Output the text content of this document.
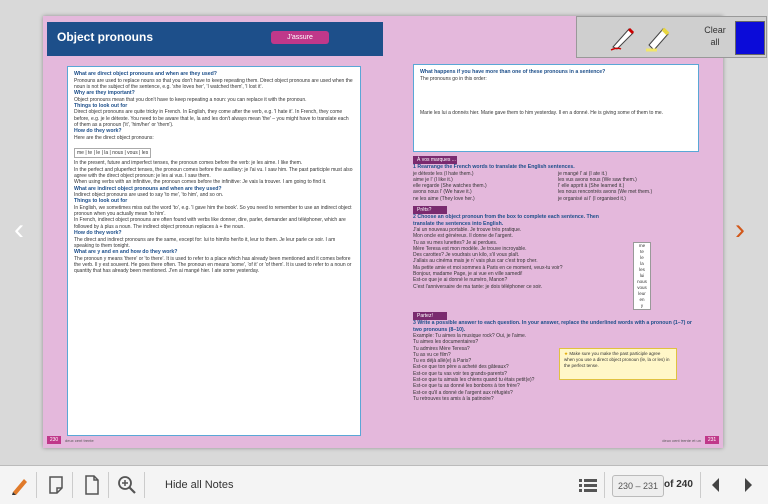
‹	›
Object pronouns	J'assure
What are direct object pronouns and when are they used?
Pronouns are used to replace nouns so that you don't have to keep repeating them. Direct object pronouns are used when the noun is not the subject of the sentence, e.g. 'she loves her', 'I watched them', 'I lost it'.
Why are they important?
Object pronouns mean that you don't have to keep repeating a noun: you can replace it with the pronoun.
Things to look out for
Direct object pronouns are quite tricky in French. In English, they come after the verb, e.g. 'I hate it'. In French, they come before, e.g. je le déteste. You need to be aware that le, la and les don't always mean 'the' – you might have to translate each of them as a pronoun ('it', 'him/her' or 'them').
How do they work?
Here are the direct object pronouns:
me | te | le | la | nous | vous | les
In the present, future and imperfect tenses, the pronoun comes before the verb: je les aime. I like them.
In the perfect and pluperfect tenses, the pronoun comes before the auxiliary: je l'ai vu. I saw him. The past participle must also agree with the direct object pronoun: je les ai vus. I saw them.
When using verbs with an infinitive, the pronoun comes before the infinitive: Je vais la trouver. I am going to find it.
What are indirect object pronouns and when are they used?
Indirect object pronouns are used to say 'to me', 'to him', and so on.
Things to look out for
In English, we sometimes miss out the word 'to', e.g. 'I gave him the book'. So you need to remember to use an indirect object pronoun when you actually mean 'to him'.
In French, indirect object pronouns are often found with verbs like donner, dire, parler, demander and téléphoner, which are followed by à plus a noun. The indirect object pronoun replaces à + the noun.
How do they work?
The direct and indirect pronouns are the same, except for: lui to him/to her/to it, leur to them. Je leur parle ce soir. I am speaking to them tonight.
What are y and en and how do they work?
The pronoun y means 'there' or 'to there'. It is used to refer to a place which has already been mentioned and it comes before the verb. Il y est souvent. He goes there often. The pronoun en means 'some', 'of it' or 'of them'. It is used to refer to a noun or quantity that has already been mentioned. J'en ai mangé hier. I ate some yesterday.
230	deux cent trente
What happens if you have more than one of these pronouns in a sentence?
The pronouns go in this order:
Marie les lui a donnés hier. Marie gave them to him yesterday. Il en a donné. He is giving some of them to me.
À vos marques ...
1 Rearrange the French words to translate the English sentences.
je déteste les (I hate them.)	je mangé l' ai (I ate it.)
aime je l' (I like it.)	les vus avons nous (We saw them.)
elle regarde (She watches them.)	l' elle apprit à (She learned it.)
avons nous l' (We have it.)	les nous rencontrés avons (We met them.)
ne les aime (They love her.)	je organisé ai l' (I organised it.)
Prêts?
2 Choose an object pronoun from the box to complete each sentence. Then translate the sentences into English.
J'ai un nouveau portable. Je trouve très pratique.
Mon oncle est généreux. Il donne de l'argent.
Tu as vu mes lunettes? Je ai perdues.
Mère Teresa est mon modèle. Je trouve incroyable.
Des carottes? Je voudrais un kilo, s'il vous plaît.
J'allais au cinéma mais je n' vais plus car c'est trop cher.
Ma petite amie et moi sommes à Paris en ce moment, veux-tu voir?
Bonjour, madame Page, je ai vue en ville samedi!
Est-ce que je ai donné le numéro, Manon?
C'est l'anniversaire de ma tante: je dois téléphoner ce soir.
me
te
le
la
les
lui
nous
vous
leur
en
y
Partez!
3 Write a possible answer to each question. In your answer, replace the underlined words with a pronoun (1–7) or two pronouns (8–10).
Example: Tu aimes la musique rock? Oui, je l'aime.
Tu aimes les documentaires?
Tu admires Mère Teresa?
Tu as vu ce film?
Tu es déjà allé(e) à Paris?
Est-ce que ton père a acheté des gâteaux?
Est-ce que tu vas voir tes grands-parents?
Est-ce que tu aimais les chiens quand tu étais petit(e)?
Est-ce que tu as donné les bonbons à ton frère?
Est-ce qu'il a donné de l'argent aux réfugiés?
Tu retrouves tes amis à la patinoire?
★ Make sure you make the past participle agree when you use a direct object pronoun (le, la or les) in the perfect tense.
deux cent trente et un	231
Clear
all
Hide all Notes	230 – 231 of 240
